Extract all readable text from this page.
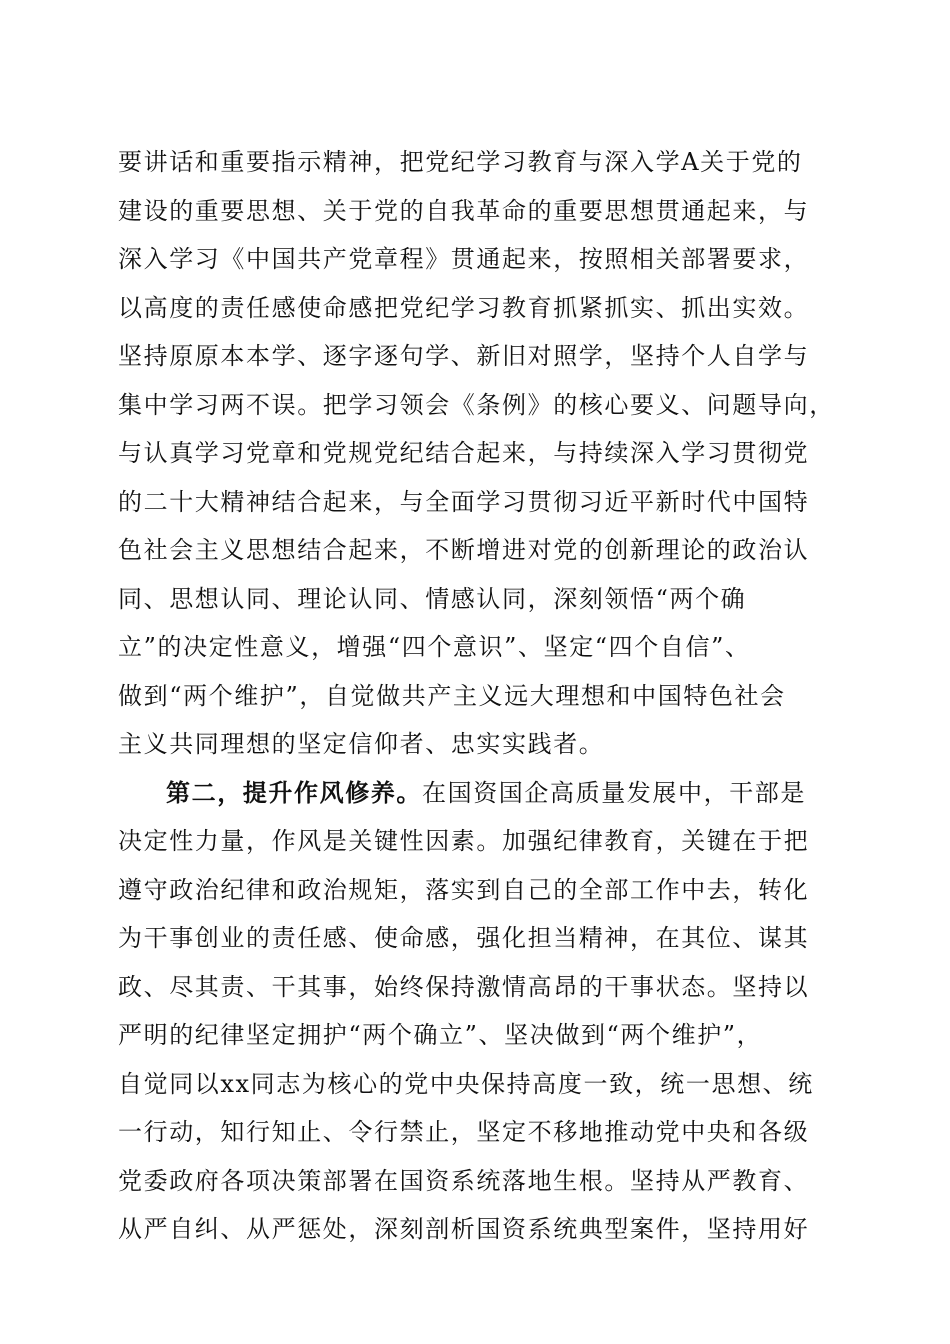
要讲话和重要指示精神，把党纪学习教育与深入学A关于党的
建设的重要思想、关于党的自我革命的重要思想贯通起来，与
深入学习《中国共产党章程》贯通起来，按照相关部署要求，
以高度的责任感使命感把党纪学习教育抓紧抓实、抓出实效。
坚持原原本本学、逐字逐句学、新旧对照学，坚持个人自学与
集中学习两不误。把学习领会《条例》的核心要义、问题导向，
与认真学习党章和党规党纪结合起来，与持续深入学习贯彻党
的二十大精神结合起来，与全面学习贯彻习近平新时代中国特
色社会主义思想结合起来，不断增进对党的创新理论的政治认
同、思想认同、理论认同、情感认同，深刻领悟“两个确
立”的决定性意义，增强“四个意识”、坚定“四个自信”、
做到“两个维护”，自觉做共产主义远大理想和中国特色社会
主义共同理想的坚定信仰者、忠实实践者。
第二，提升作风修养。在国资国企高质量发展中，干部是
决定性力量，作风是关键性因素。加强纪律教育，关键在于把
遵守政治纪律和政治规矩，落实到自己的全部工作中去，转化
为干事创业的责任感、使命感，强化担当精神，在其位、谋其
政、尽其责、干其事，始终保持激情高昂的干事状态。坚持以
严明的纪律坚定拥护“两个确立”、坚决做到“两个维护”，
自觉同以xx同志为核心的党中央保持高度一致，统一思想、统
一行动，知行知止、令行禁止，坚定不移地推动党中央和各级
党委政府各项决策部署在国资系统落地生根。坚持从严教育、
从严自纠、从严惩处，深刻剖析国资系统典型案件，坚持用好
